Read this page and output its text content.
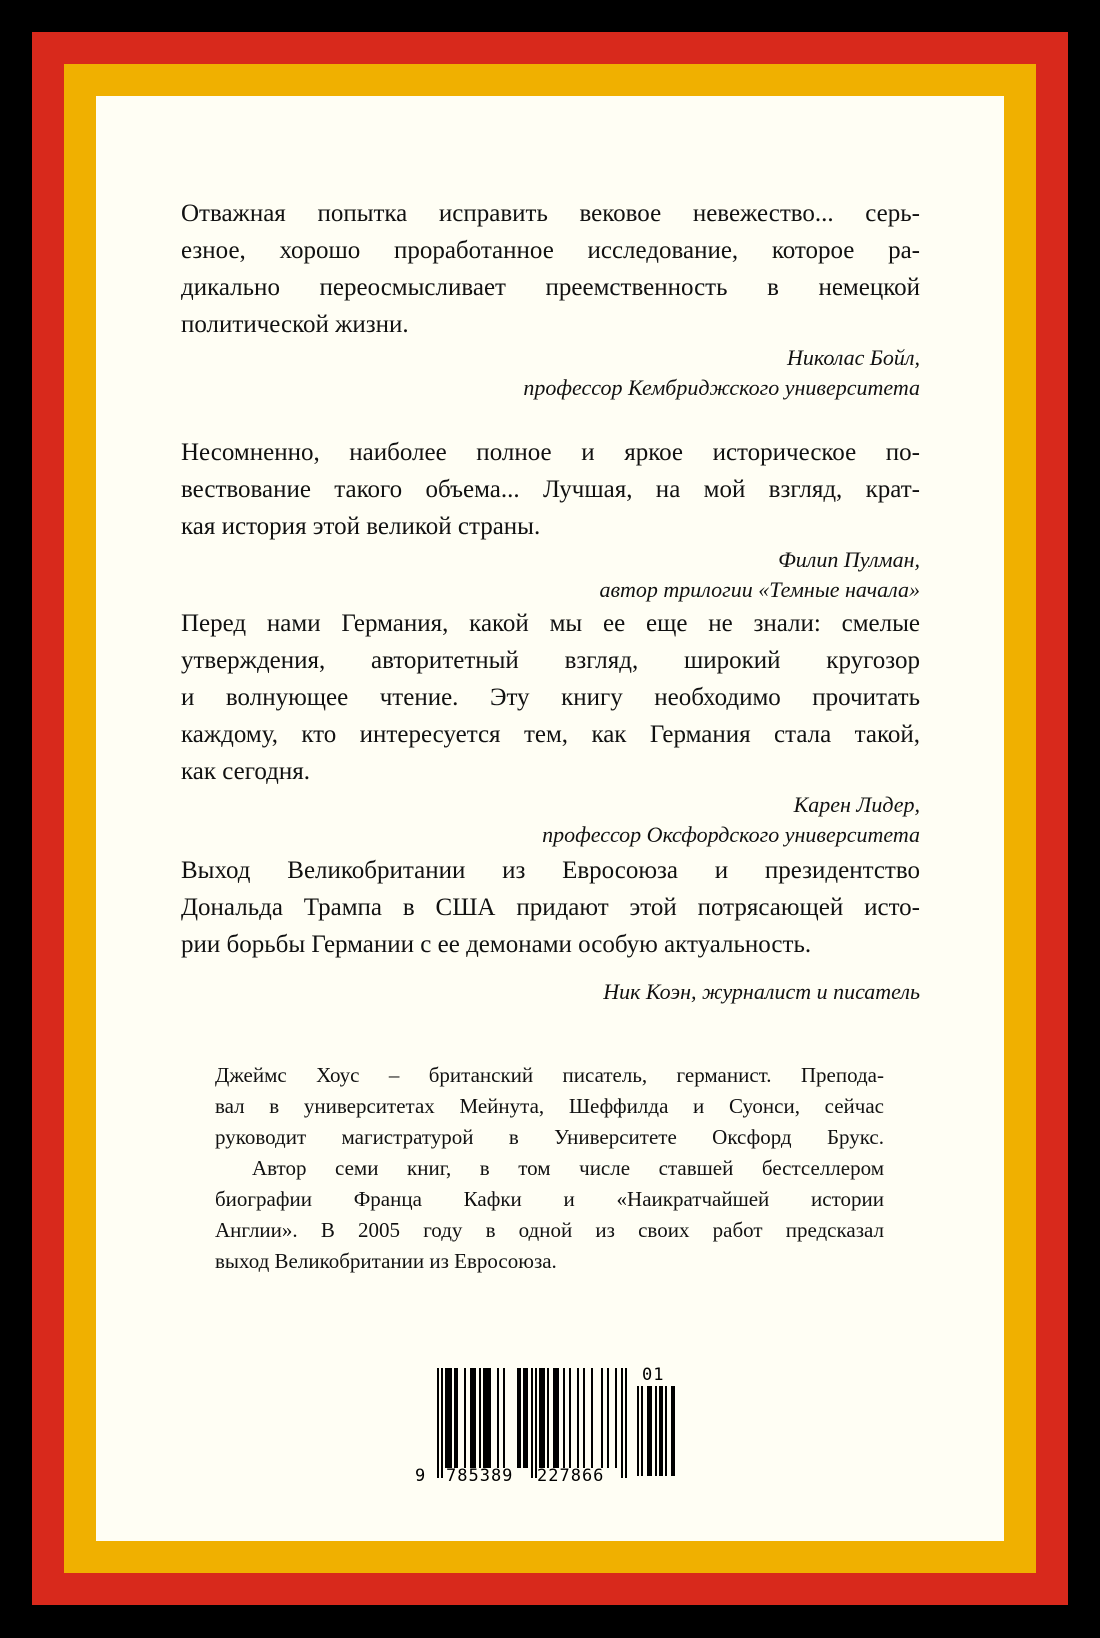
Отважная попытка исправить вековое невежество... серь-
езное, хорошо проработанное исследование, которое ра-
дикально переосмысливает преемственность в немецкой
политической жизни.
Николас Бойл,
профессор Кембриджского университета
Несомненно, наиболее полное и яркое историческое по-
вествование такого объема... Лучшая, на мой взгляд, крат-
кая история этой великой страны.
Филип Пулман,
автор трилогии «Темные начала»
Перед нами Германия, какой мы ее еще не знали: смелые
утверждения, авторитетный взгляд, широкий кругозор
и волнующее чтение. Эту книгу необходимо прочитать
каждому, кто интересуется тем, как Германия стала такой,
как сегодня.
Карен Лидер,
профессор Оксфордского университета
Выход Великобритании из Евросоюза и президентство
Дональда Трампа в США придают этой потрясающей исто-
рии борьбы Германии с ее демонами особую актуальность.
Ник Коэн, журналист и писатель
Джеймс Хоус – британский писатель, германист. Препода-
вал в университетах Мейнута, Шеффилда и Суонси, сейчас
руководит магистратурой в Университете Оксфорд Брукс.
Автор семи книг, в том числе ставшей бестселлером
биографии Франца Кафки и «Наикратчайшей истории
Англии». В 2005 году в одной из своих работ предсказал
выход Великобритании из Евросоюза.
01
9 785389 227866
